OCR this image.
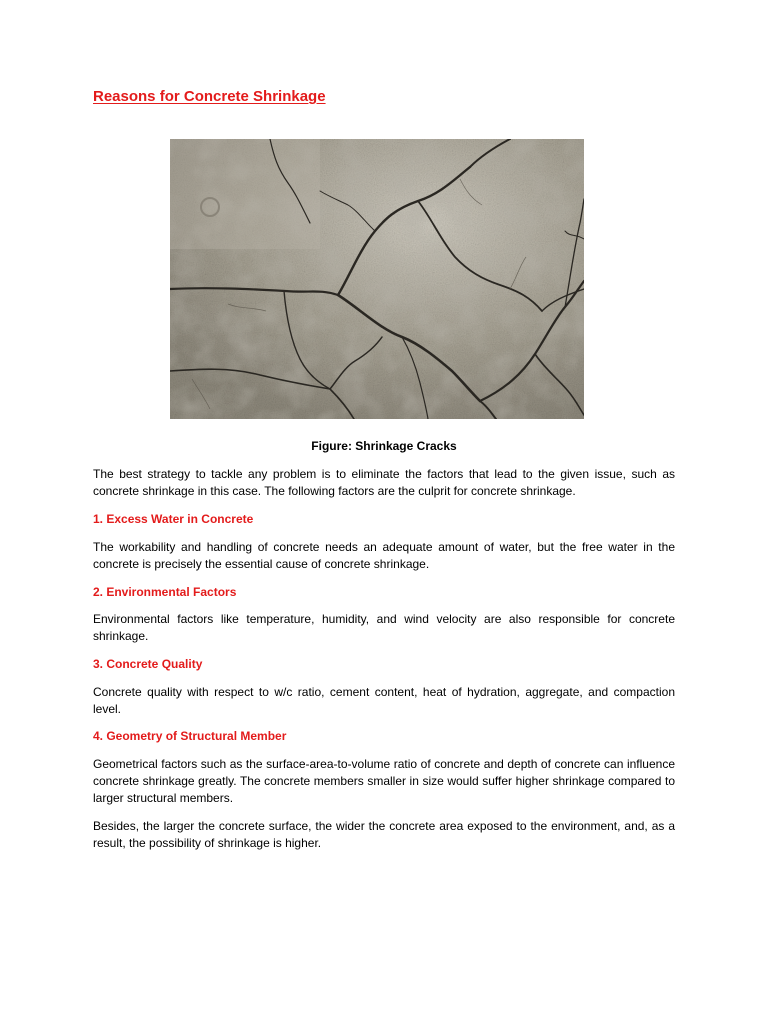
Reasons for Concrete Shrinkage

Figure: Shrinkage Cracks

The best strategy to tackle any problem is to eliminate the factors that lead to the given issue, such as concrete shrinkage in this case. The following factors are the culprit for concrete shrinkage.

1. Excess Water in Concrete

The workability and handling of concrete needs an adequate amount of water, but the free water in the concrete is precisely the essential cause of concrete shrinkage.

2. Environmental Factors

Environmental factors like temperature, humidity, and wind velocity are also responsible for concrete shrinkage.

3. Concrete Quality

Concrete quality with respect to w/c ratio, cement content, heat of hydration, aggregate, and compaction level.

4. Geometry of Structural Member

Geometrical factors such as the surface-area-to-volume ratio of concrete and depth of concrete can influence concrete shrinkage greatly. The concrete members smaller in size would suffer higher shrinkage compared to larger structural members.

Besides, the larger the concrete surface, the wider the concrete area exposed to the environment, and, as a result, the possibility of shrinkage is higher.
